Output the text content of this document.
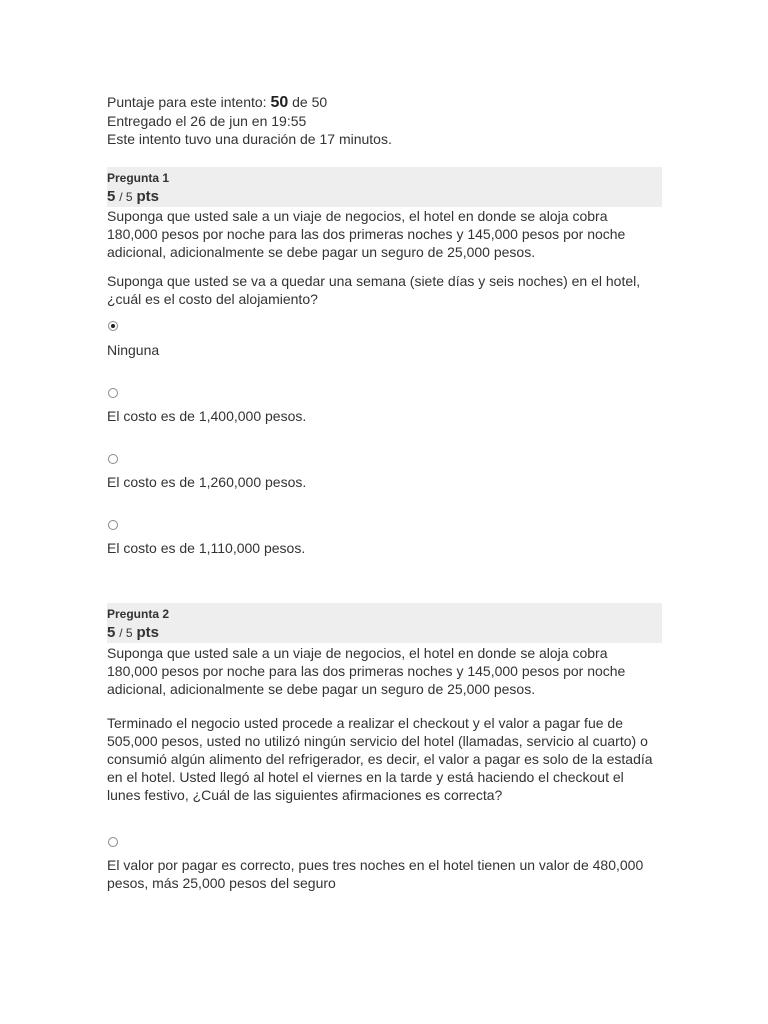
Puntaje para este intento: 50 de 50
Entregado el 26 de jun en 19:55
Este intento tuvo una duración de 17 minutos.
Pregunta 1
5 / 5 pts

Suponga que usted sale a un viaje de negocios, el hotel en donde se aloja cobra 180,000 pesos por noche para las dos primeras noches y 145,000 pesos por noche adicional, adicionalmente se debe pagar un seguro de 25,000 pesos.

Suponga que usted se va a quedar una semana (siete días y seis noches) en el hotel, ¿cuál es el costo del alojamiento?

Ninguna
El costo es de 1,400,000 pesos.
El costo es de 1,260,000 pesos.
El costo es de 1,110,000 pesos.
Pregunta 2
5 / 5 pts

Suponga que usted sale a un viaje de negocios, el hotel en donde se aloja cobra 180,000 pesos por noche para las dos primeras noches y 145,000 pesos por noche adicional, adicionalmente se debe pagar un seguro de 25,000 pesos.

Terminado el negocio usted procede a realizar el checkout y el valor a pagar fue de 505,000 pesos, usted no utilizó ningún servicio del hotel (llamadas, servicio al cuarto) o consumió algún alimento del refrigerador, es decir, el valor a pagar es solo de la estadía en el hotel. Usted llegó al hotel el viernes en la tarde y está haciendo el checkout el lunes festivo, ¿Cuál de las siguientes afirmaciones es correcta?

El valor por pagar es correcto, pues tres noches en el hotel tienen un valor de 480,000 pesos, más 25,000 pesos del seguro
